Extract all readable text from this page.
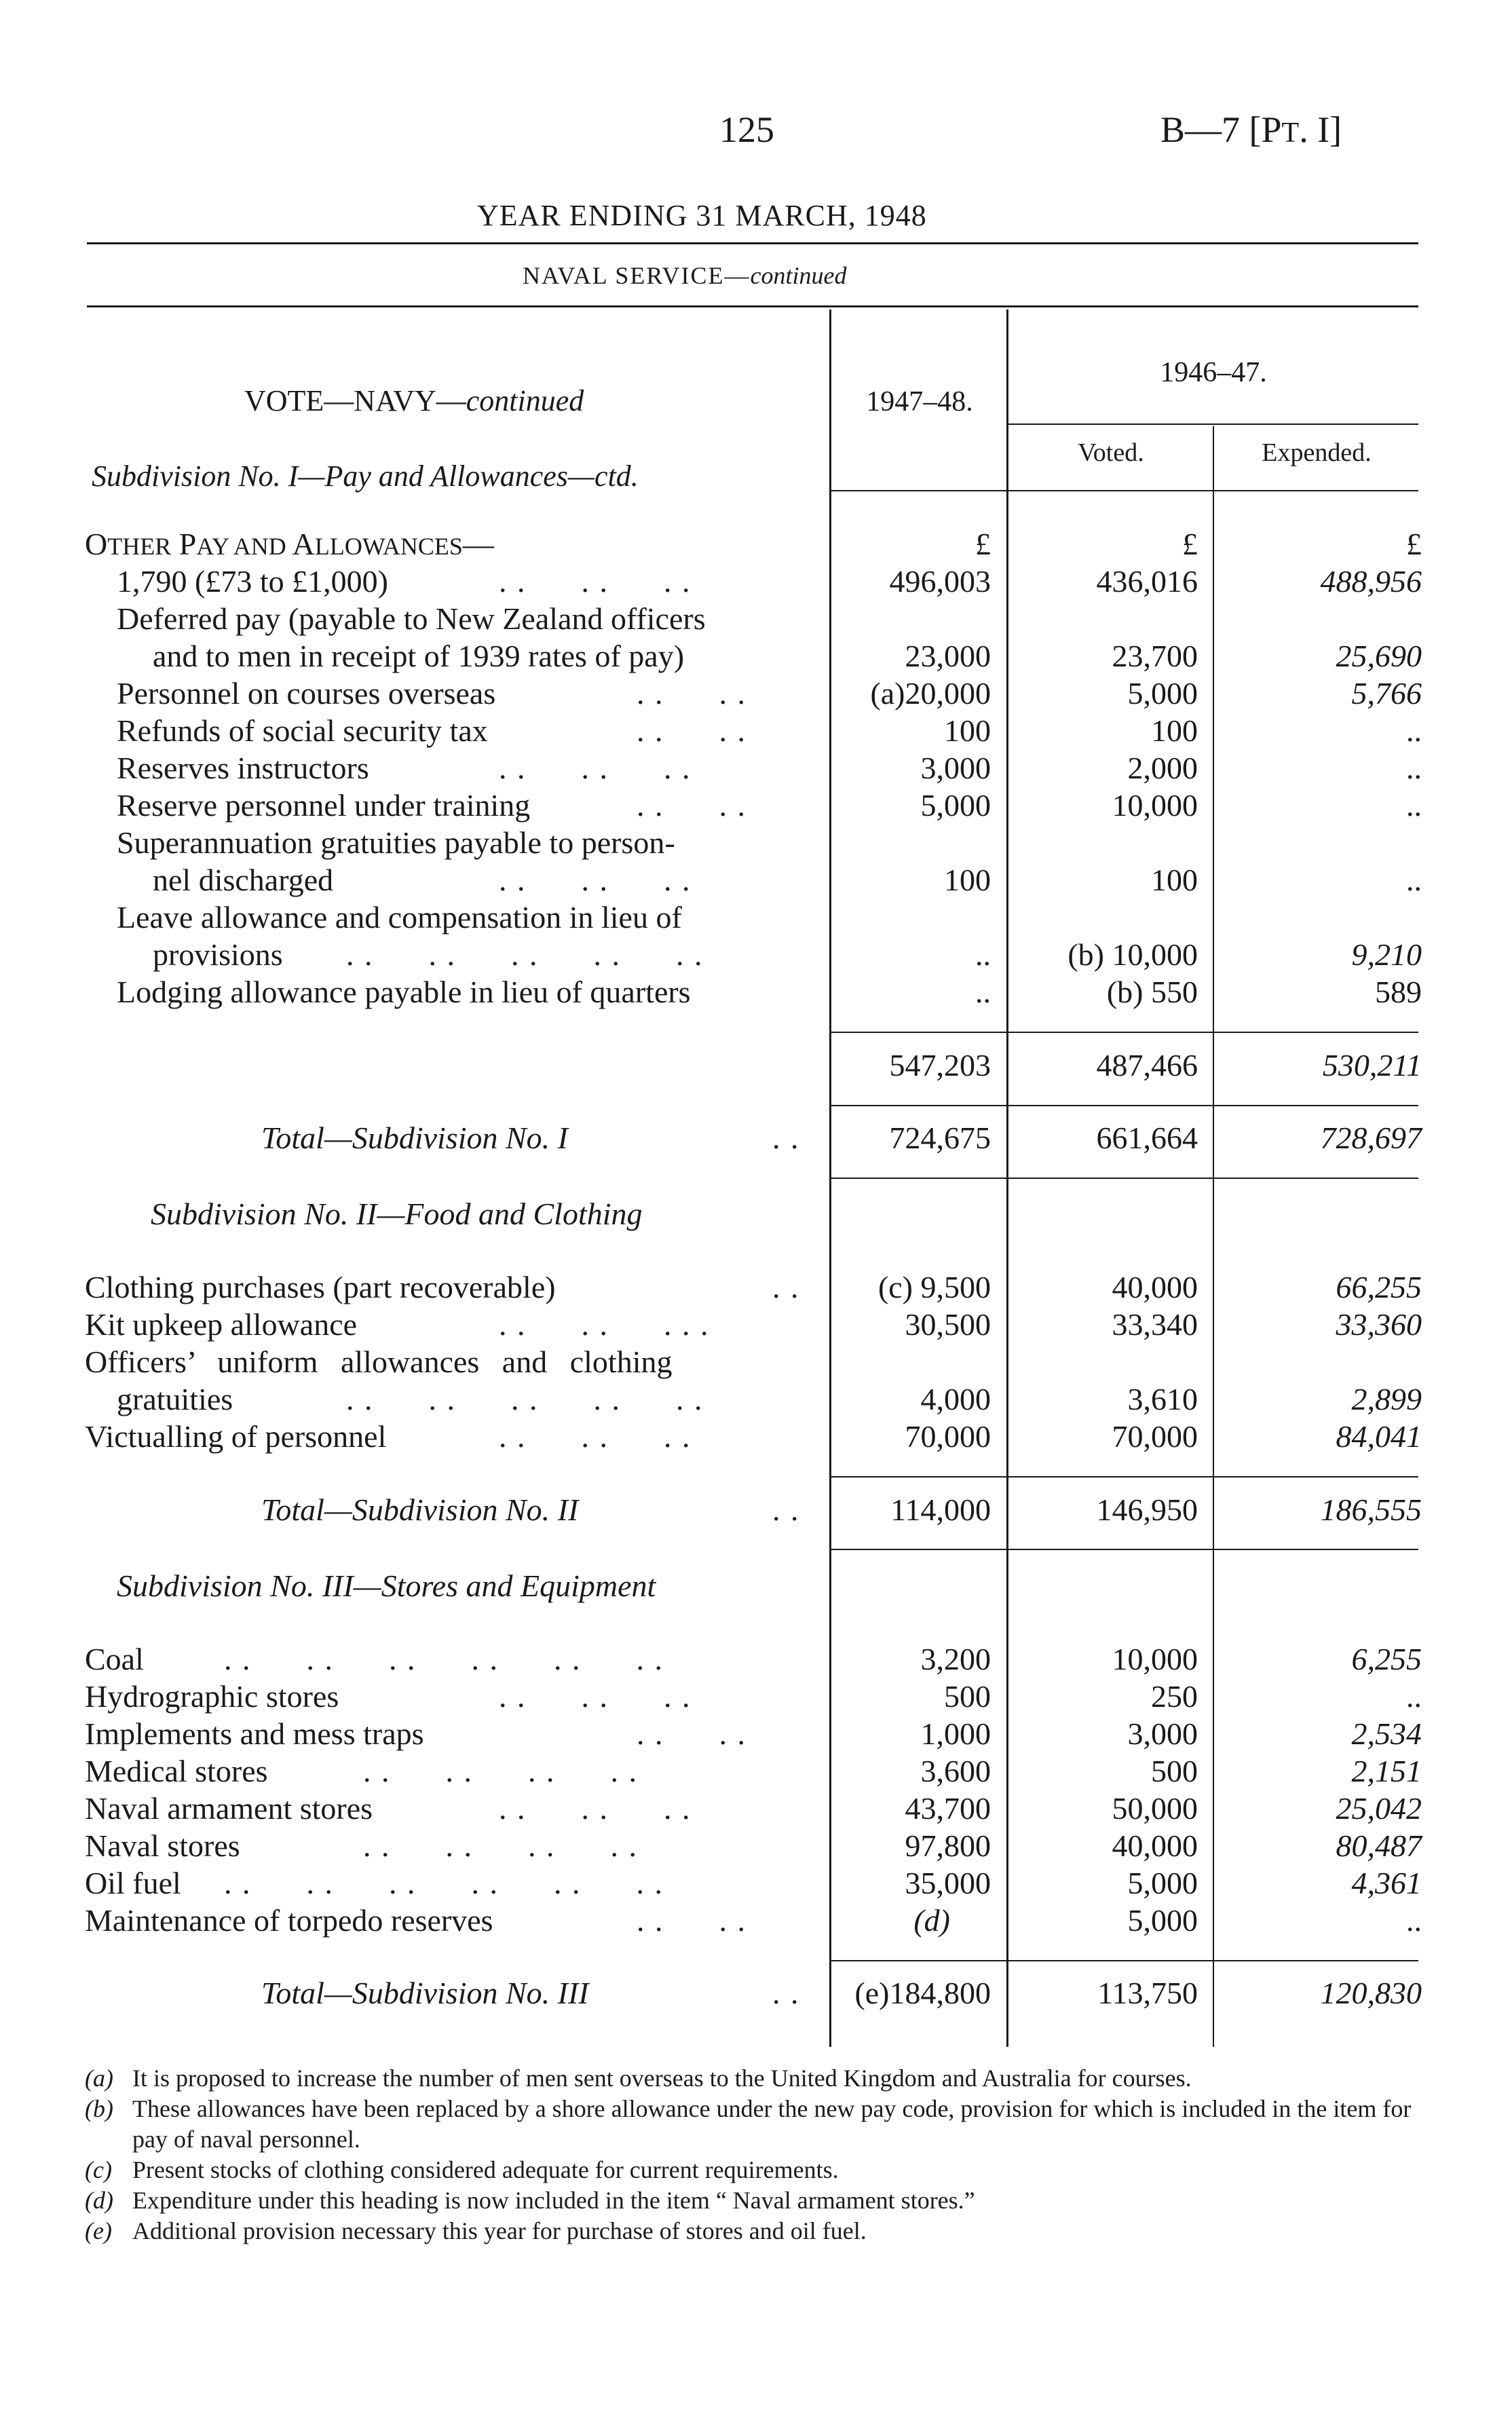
125	B—7 [PT. I]
YEAR ENDING 31 MARCH, 1948
NAVAL SERVICE—continued
VOTE—NAVY—continued
Subdivision No. I—Pay and Allowances—ctd.
1947–48.
1946–47.
Voted.	Expended.
OTHER PAY AND ALLOWANCES—	£	£	£
1,790 (£73 to £1,000)	. .      . .      . .	496,003	436,016	488,956
Deferred pay (payable to New Zealand officers
and to men in receipt of 1939 rates of pay)	23,000	23,700	25,690
Personnel on courses overseas	. .      . .	(a)20,000	5,000	5,766
Refunds of social security tax	. .      . .	100	100	..
Reserves instructors	. .      . .      . .	3,000	2,000	..
Reserve personnel under training	. .      . .	5,000	10,000	..
Superannuation gratuities payable to person-
nel discharged	. .      . .      . .	100	100	..
Leave allowance and compensation in lieu of
provisions . .      . .      . .      . .      . .	..	(b) 10,000	9,210
Lodging allowance payable in lieu of quarters	..	(b) 550	589
547,203	487,466	530,211
Total—Subdivision No. I	. .	724,675	661,664	728,697
Subdivision No. II—Food and Clothing
Clothing purchases (part recoverable)	. .	(c) 9,500	40,000	66,255
Kit upkeep allowance	. .      . .      . . .	30,500	33,340	33,360
Officers’ uniform allowances and clothing
gratuities	. .      . .      . .      . .      . .	4,000	3,610	2,899
Victualling of personnel	. .      . .      . .	70,000	70,000	84,041
Total—Subdivision No. II	. .	114,000	146,950	186,555
Subdivision No. III—Stores and Equipment
Coal	. .      . .      . .      . .      . .      . .	3,200	10,000	6,255
Hydrographic stores	. .      . .      . .	500	250	..
Implements and mess traps	. .      . .	1,000	3,000	2,534
Medical stores	. .      . .      . .      . .	3,600	500	2,151
Naval armament stores	. .      . .      . .	43,700	50,000	25,042
Naval stores	. .      . .      . .      . .	97,800	40,000	80,487
Oil fuel . .      . .      . .      . .      . .      . .	35,000	5,000	4,361
Maintenance of torpedo reserves	. .      . .	(d)	5,000	..
Total—Subdivision No. III	. .	(e)184,800	113,750	120,830
(a) It is proposed to increase the number of men sent overseas to the United Kingdom and Australia for courses.
(b) These allowances have been replaced by a shore allowance under the new pay code, provision for which is included in the item for pay of naval personnel.
(c) Present stocks of clothing considered adequate for current requirements.
(d) Expenditure under this heading is now included in the item “ Naval armament stores.”
(e) Additional provision necessary this year for purchase of stores and oil fuel.
